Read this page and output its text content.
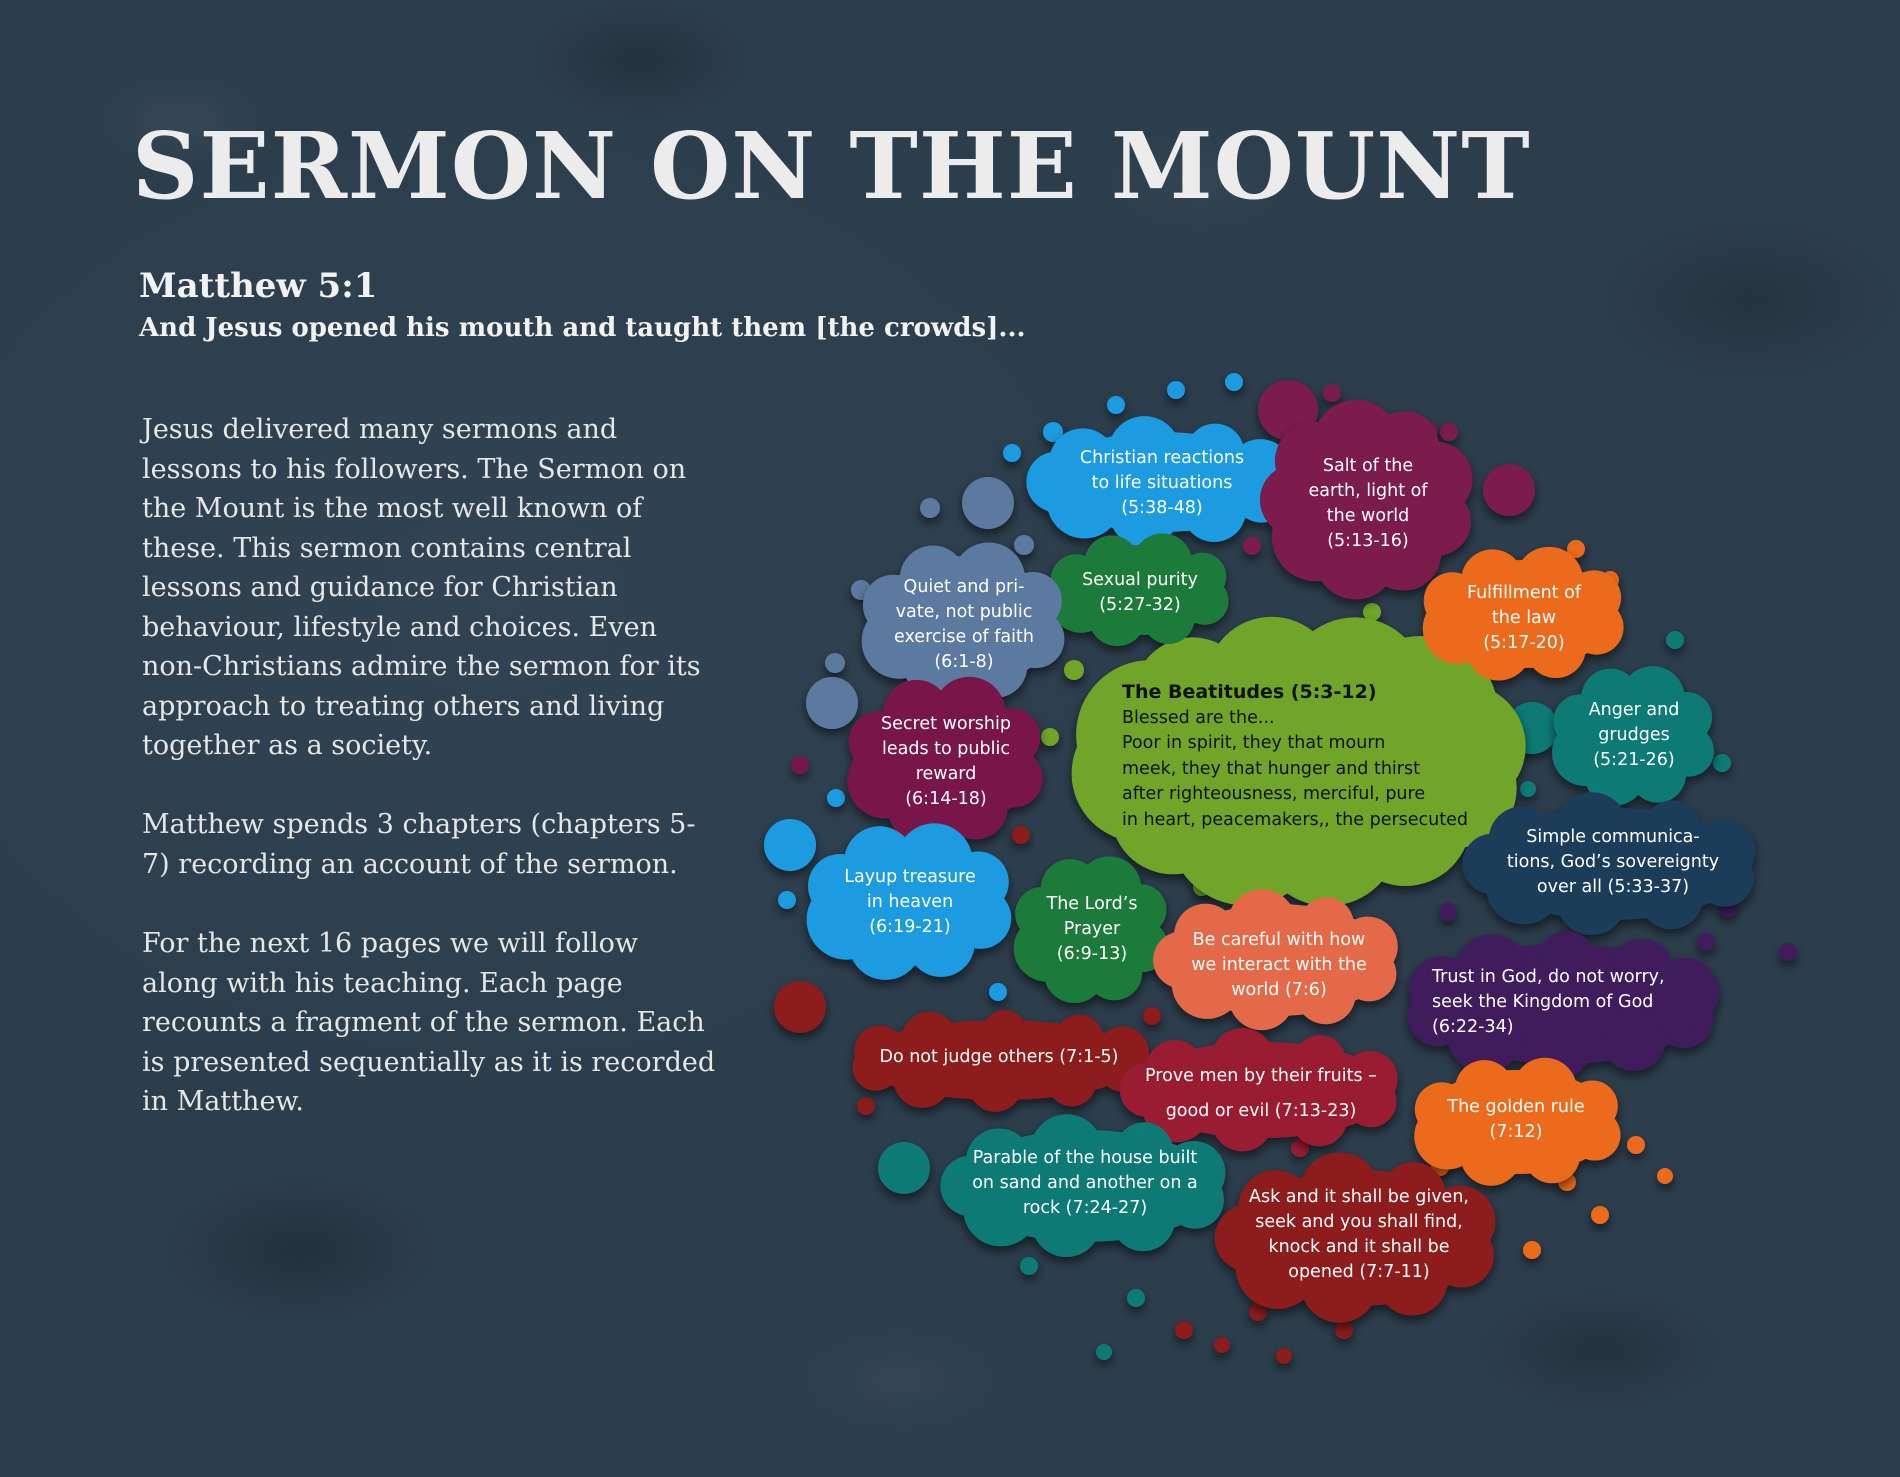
SERMON ON THE MOUNT
Matthew 5:1
And Jesus opened his mouth and taught them [the crowds]...

Jesus delivered many sermons and lessons to his followers. The Sermon on the Mount is the most well known of these. This sermon contains central lessons and guidance for Christian behaviour, lifestyle and choices. Even non-Christians admire the sermon for its approach to treating others and living together as a society.

Matthew spends 3 chapters (chapters 5-7) recording an account of the sermon.

For the next 16 pages we will follow along with his teaching. Each page recounts a fragment of the sermon. Each is presented sequentially as it is recorded in Matthew.

The Beatitudes (5:3-12)
Blessed are the...
Poor in spirit, they that mourn
meek, they that hunger and thirst
after righteousness, merciful, pure
in heart, peacemakers,, the persecuted
Christian reactions
to life situations
(5:38-48)
Salt of the
earth, light of
the world
(5:13-16)
Sexual purity
(5:27-32)
Quiet and pri-
vate, not public
exercise of faith
(6:1-8)
Fulfillment of
the law
(5:17-20)
Anger and
grudges
(5:21-26)
Secret worship
leads to public
reward
(6:14-18)
Simple communica-
tions, God’s sovereignty
over all (5:33-37)
Layup treasure
in heaven
(6:19-21)
The Lord’s
Prayer
(6:9-13)
Be careful with how
we interact with the
world (7:6)
Trust in God, do not worry,
seek the Kingdom of God
(6:22-34)
Do not judge others (7:1-5)
Prove men by their fruits –
good or evil (7:13-23)	The golden rule
(7:12)
Parable of the house built
on sand and another on a
rock (7:24-27)
Ask and it shall be given,
seek and you shall find,
knock and it shall be
opened (7:7-11)
